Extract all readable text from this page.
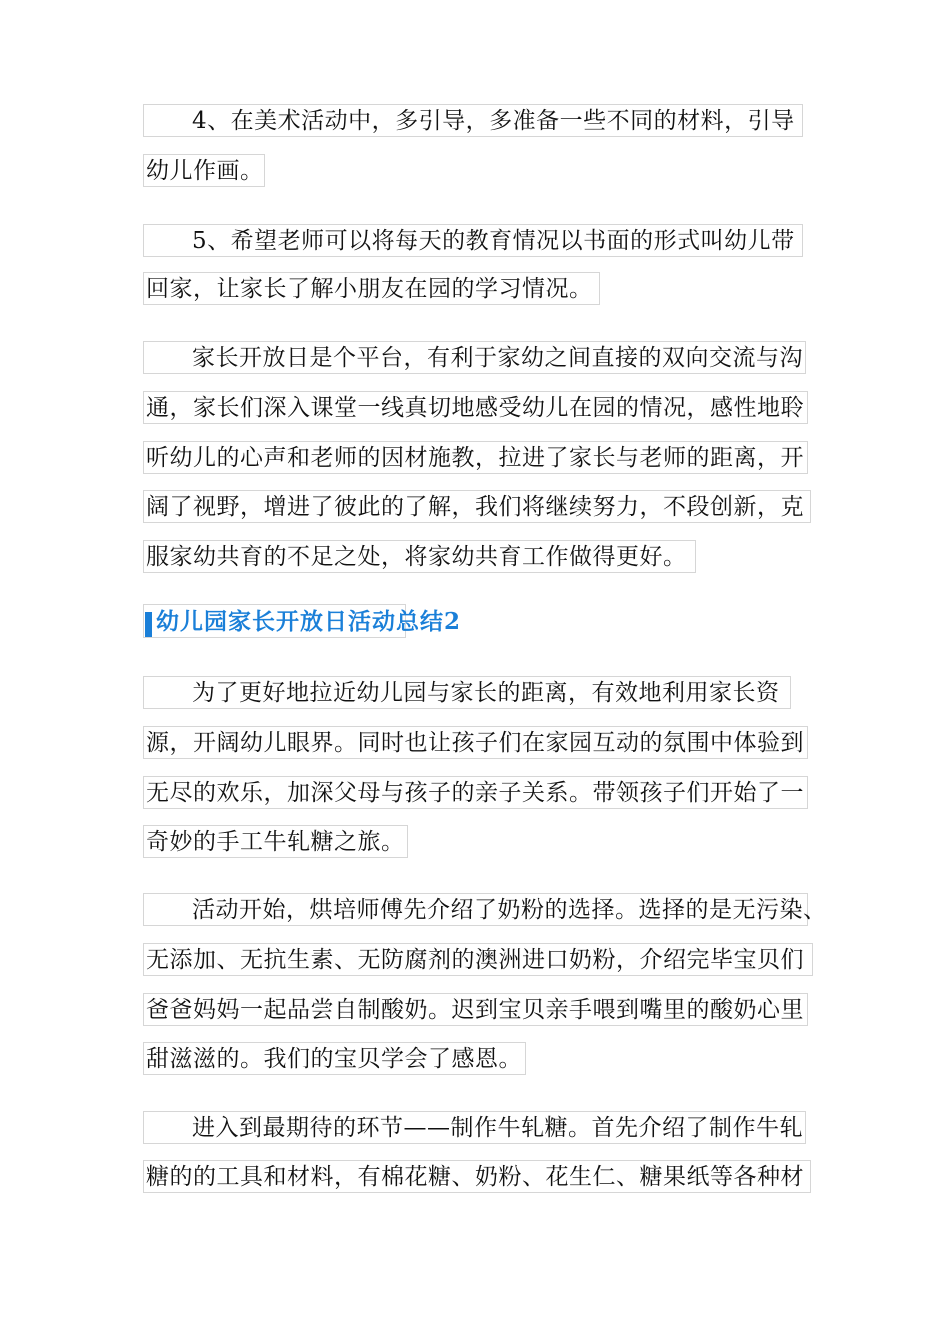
4、在美术活动中，多引导，多准备一些不同的材料，引导
幼儿作画。
5、希望老师可以将每天的教育情况以书面的形式叫幼儿带
回家，让家长了解小朋友在园的学习情况。
家长开放日是个平台，有利于家幼之间直接的双向交流与沟
通，家长们深入课堂一线真切地感受幼儿在园的情况，感性地聆
听幼儿的心声和老师的因材施教，拉进了家长与老师的距离，开
阔了视野，增进了彼此的了解，我们将继续努力，不段创新，克
服家幼共育的不足之处，将家幼共育工作做得更好。
幼儿园家长开放日活动总结2
为了更好地拉近幼儿园与家长的距离，有效地利用家长资
源，开阔幼儿眼界。同时也让孩子们在家园互动的氛围中体验到
无尽的欢乐，加深父母与孩子的亲子关系。带领孩子们开始了一
奇妙的手工牛轧糖之旅。
活动开始，烘培师傅先介绍了奶粉的选择。选择的是无污染、
无添加、无抗生素、无防腐剂的澳洲进口奶粉，介绍完毕宝贝们
爸爸妈妈一起品尝自制酸奶。迟到宝贝亲手喂到嘴里的酸奶心里
甜滋滋的。我们的宝贝学会了感恩。
进入到最期待的环节——制作牛轧糖。首先介绍了制作牛轧
糖的的工具和材料，有棉花糖、奶粉、花生仁、糖果纸等各种材
